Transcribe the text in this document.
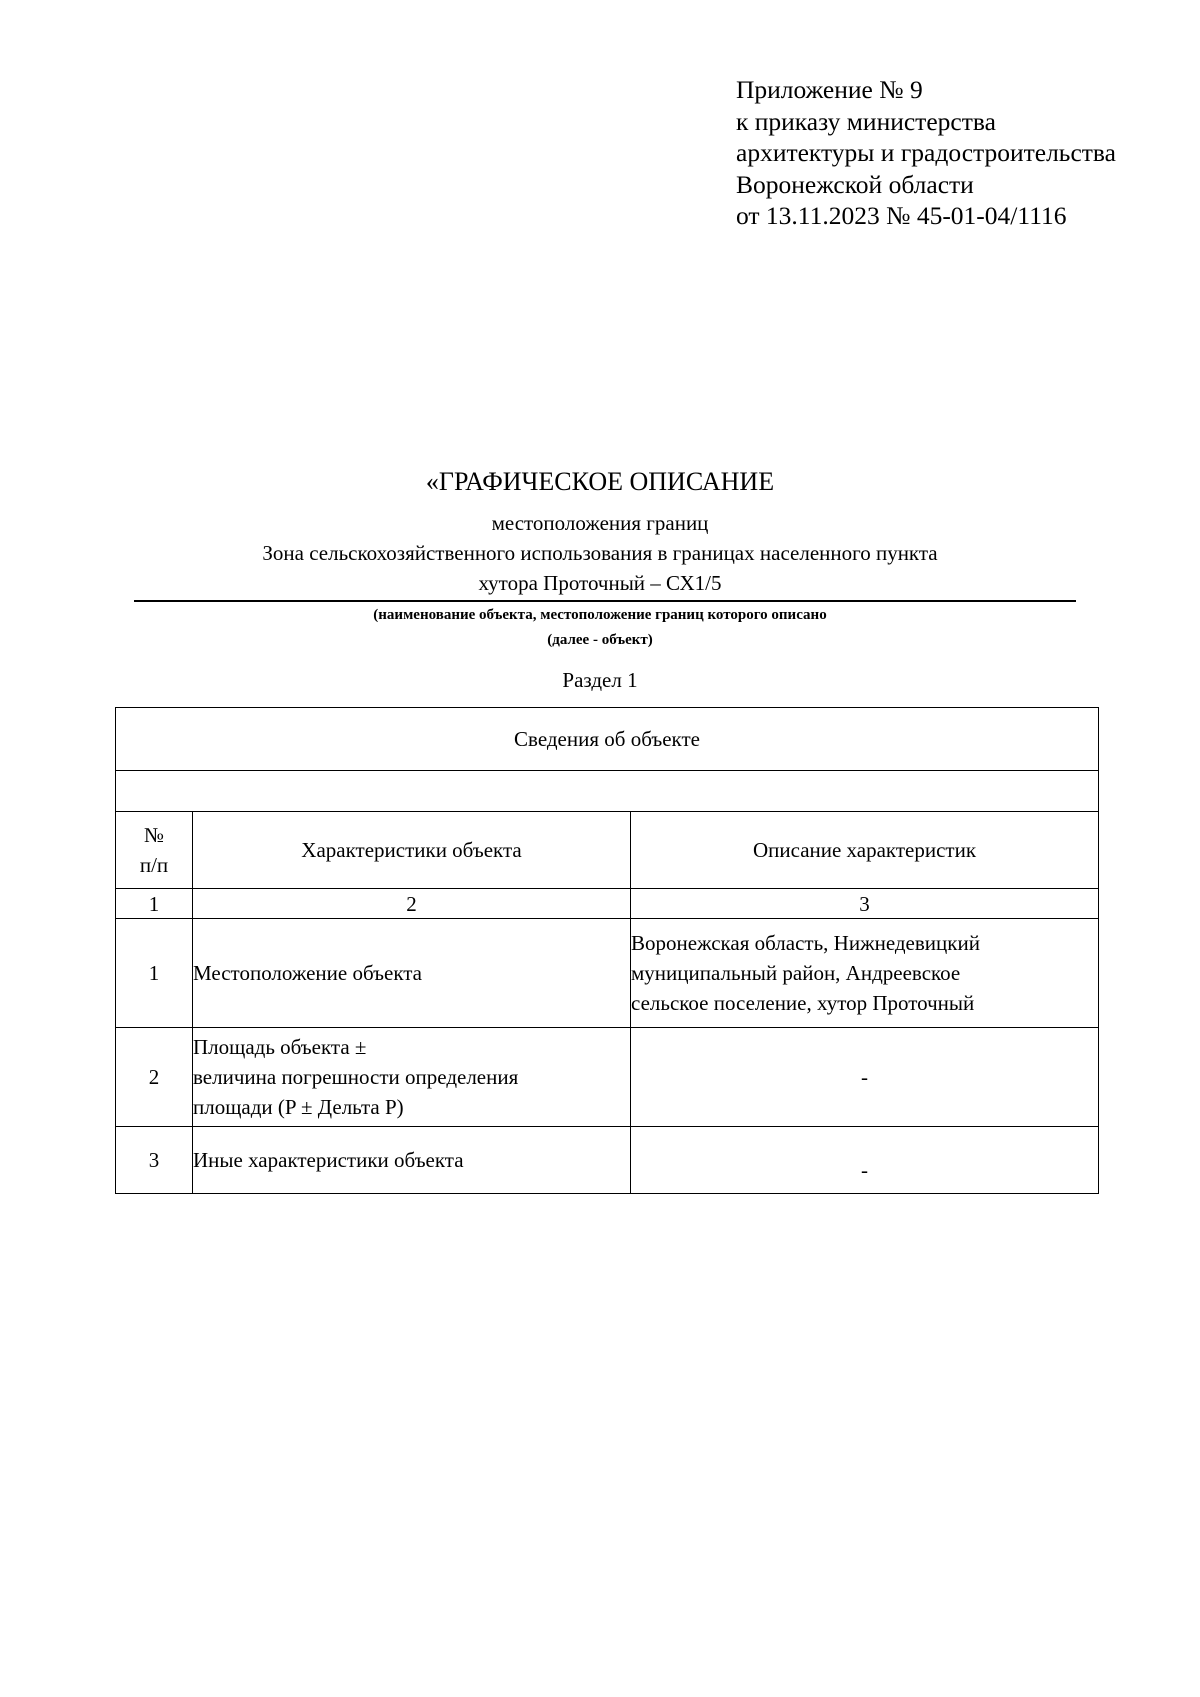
Приложение № 9
к приказу министерства
архитектуры и градостроительства
Воронежской области
от 13.11.2023 № 45-01-04/1116
«ГРАФИЧЕСКОЕ ОПИСАНИЕ
местоположения границ
Зона сельскохозяйственного использования в границах населенного пункта
хутора Проточный – СХ1/5
(наименование объекта, местоположение границ которого описано
(далее - объект)
Раздел 1
Сведения об объекте		

№
п/п	Характеристики объекта	Описание характеристик
1	2	3
1	Местоположение объекта	Воронежская область, Нижнедевицкий
муниципальный район, Андреевское
сельское поселение, хутор Проточный

2	Площадь объекта ±
величина погрешности определения
площади (P ± Дельта P)	-
3	Иные характеристики объекта	-
